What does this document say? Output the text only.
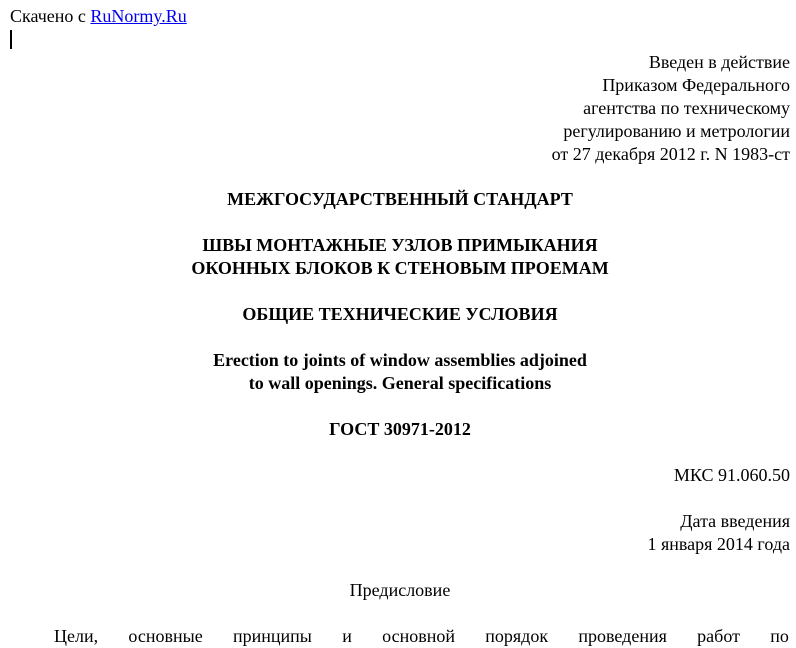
Скачено с RuNormy.Ru
Введен в действие
Приказом Федерального
агентства по техническому
регулированию и метрологии
от 27 декабря 2012 г. N 1983-ст
МЕЖГОСУДАРСТВЕННЫЙ СТАНДАРТ
ШВЫ МОНТАЖНЫЕ УЗЛОВ ПРИМЫКАНИЯ
ОКОННЫХ БЛОКОВ К СТЕНОВЫМ ПРОЕМАМ
ОБЩИЕ ТЕХНИЧЕСКИЕ УСЛОВИЯ
Erection to joints of window assemblies adjoined
to wall openings. General specifications
ГОСТ 30971-2012
МКС 91.060.50
Дата введения
1 января 2014 года
Предисловие
Цели, основные принципы и основной порядок проведения работ по
